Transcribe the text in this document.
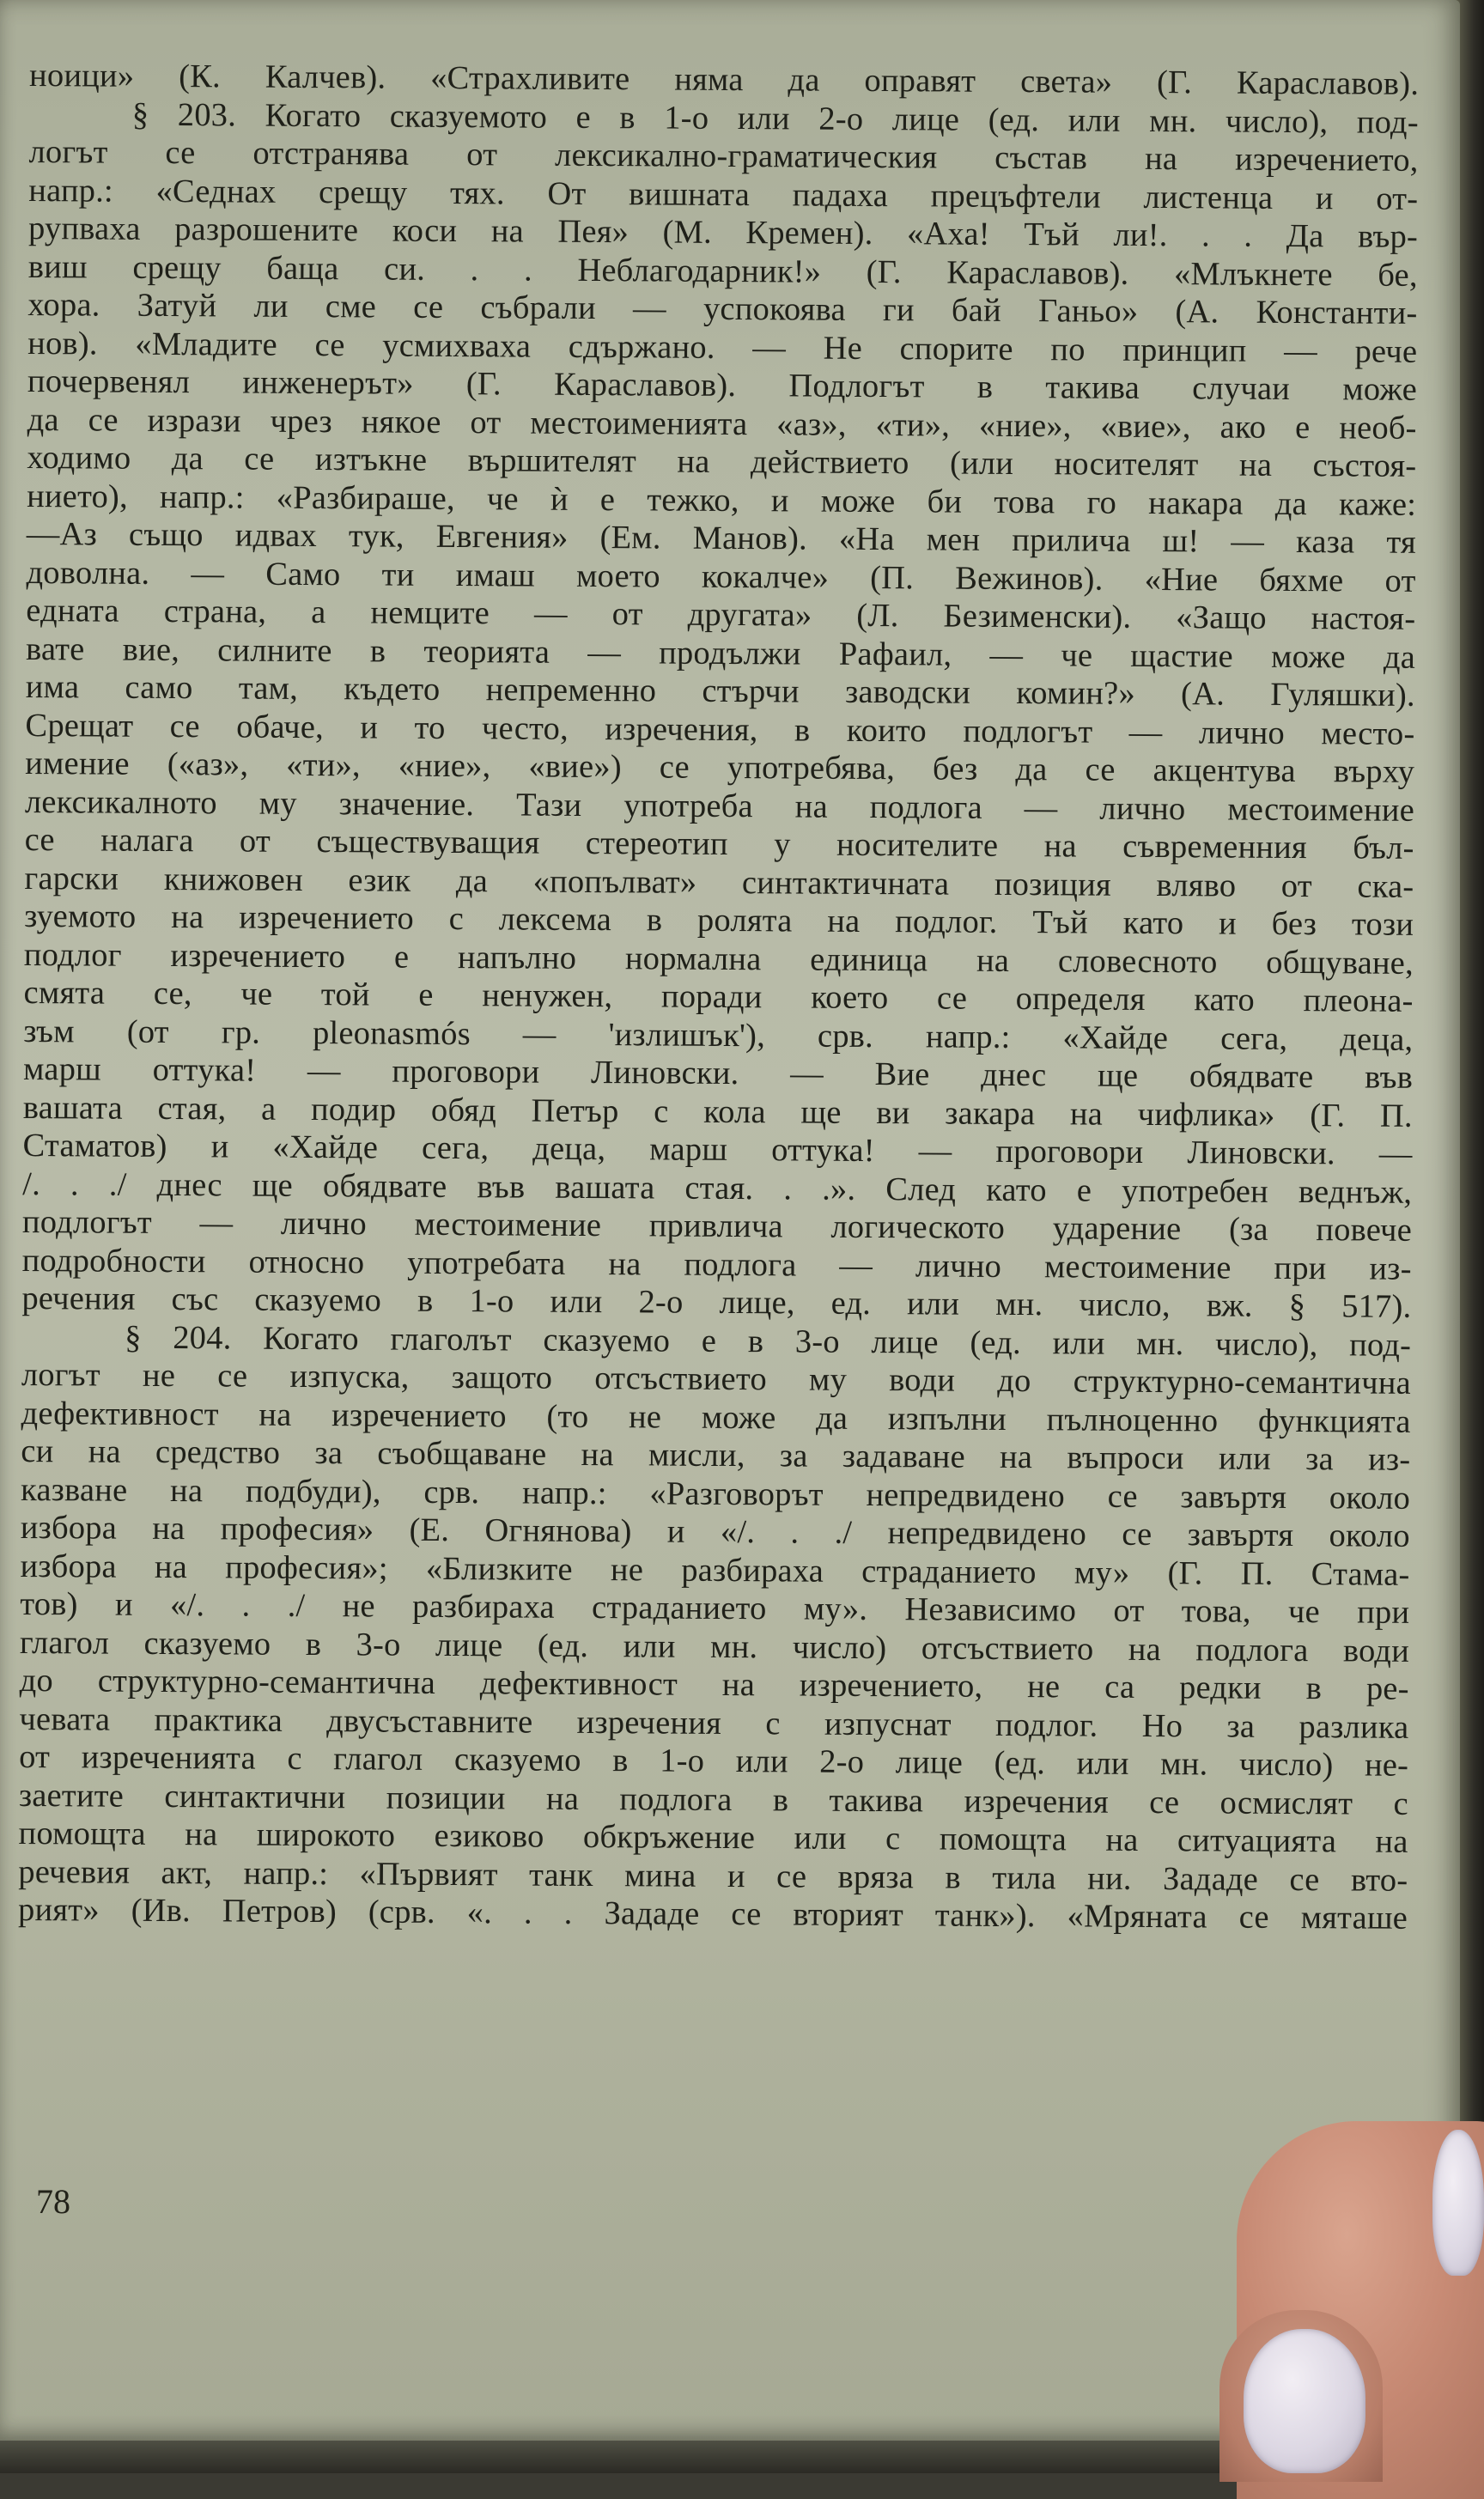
ноици» (К. Калчев). «Страхливите няма да оправят света» (Г. Караславов).
§ 203. Когато сказуемото е в 1-о или 2-о лице (ед. или мн. число), под-
логът се отстранява от лексикално-граматическия състав на изречението,
напр.: «Седнах срещу тях. От вишната падаха прецъфтели листенца и от-
рупваха разрошените коси на Пея» (М. Кремен). «Аха! Тъй ли!. . . Да вър-
виш срещу баща си. . . Неблагодарник!» (Г. Караславов). «Млъкнете бе,
хора. Затуй ли сме се събрали — успокоява ги бай Ганьо» (А. Константи-
нов). «Младите се усмихваха сдържано. — Не спорите по принцип — рече
почервенял инженерът» (Г. Караславов). Подлогът в такива случаи може
да се изрази чрез някое от местоименията «аз», «ти», «ние», «вие», ако е необ-
ходимо да се изтъкне вършителят на действието (или носителят на състоя-
нието), напр.: «Разбираше, че ѝ е тежко, и може би това го накара да каже:
—Аз също идвах тук, Евгения» (Ем. Манов). «На мен прилича ш! — каза тя
доволна. — Само ти имаш моето кокалче» (П. Вежинов). «Ние бяхме от
едната страна, а немците — от другата» (Л. Безименски). «Защо настоя-
вате вие, силните в теорията — продължи Рафаил, — че щастие може да
има само там, където непременно стърчи заводски комин?» (А. Гуляшки).
Срещат се обаче, и то често, изречения, в които подлогът — лично место-
имение («аз», «ти», «ние», «вие») се употребява, без да се акцентува върху
лексикалното му значение. Тази употреба на подлога — лично местоимение
се налага от съществуващия стереотип у носителите на съвременния бъл-
гарски книжовен език да «попълват» синтактичната позиция вляво от ска-
зуемото на изречението с лексема в ролята на подлог. Тъй като и без този
подлог изречението е напълно нормална единица на словесното общуване,
смята се, че той е ненужен, поради което се определя като плеона-
зъм (от гр. pleonasmós — 'излишък'), срв. напр.: «Хайде сега, деца,
марш оттука! — проговори Линовски. — Вие днес ще обядвате във
вашата стая, а подир обяд Петър с кола ще ви закара на чифлика» (Г. П.
Стаматов) и «Хайде сега, деца, марш оттука! — проговори Линовски. —
/. . ./ днес ще обядвате във вашата стая. . .». След като е употребен веднъж,
подлогът — лично местоимение привлича логическото ударение (за повече
подробности относно употребата на подлога — лично местоимение при из-
речения със сказуемо в 1-о или 2-о лице, ед. или мн. число, вж. § 517).
§ 204. Когато глаголът сказуемо е в 3-о лице (ед. или мн. число), под-
логът не се изпуска, защото отсъствието му води до структурно-семантична
дефективност на изречението (то не може да изпълни пълноценно функцията
си на средство за съобщаване на мисли, за задаване на въпроси или за из-
казване на подбуди), срв. напр.: «Разговорът непредвидено се завъртя около
избора на професия» (Е. Огнянова) и «/. . ./ непредвидено се завъртя около
избора на професия»; «Близките не разбираха страданието му» (Г. П. Стама-
тов) и «/. . ./ не разбираха страданието му». Независимо от това, че при
глагол сказуемо в 3-о лице (ед. или мн. число) отсъствието на подлога води
до структурно-семантична дефективност на изречението, не са редки в ре-
чевата практика двусъставните изречения с изпуснат подлог. Но за разлика
от изреченията с глагол сказуемо в 1-о или 2-о лице (ед. или мн. число) не-
заетите синтактични позиции на подлога в такива изречения се осмислят с
помощта на широкото езиково обкръжение или с помощта на ситуацията на
речевия акт, напр.: «Първият танк мина и се вряза в тила ни. Зададе се вто-
рият» (Ив. Петров) (срв. «. . . Зададе се вторият танк»). «Мряната се мяташе
78
